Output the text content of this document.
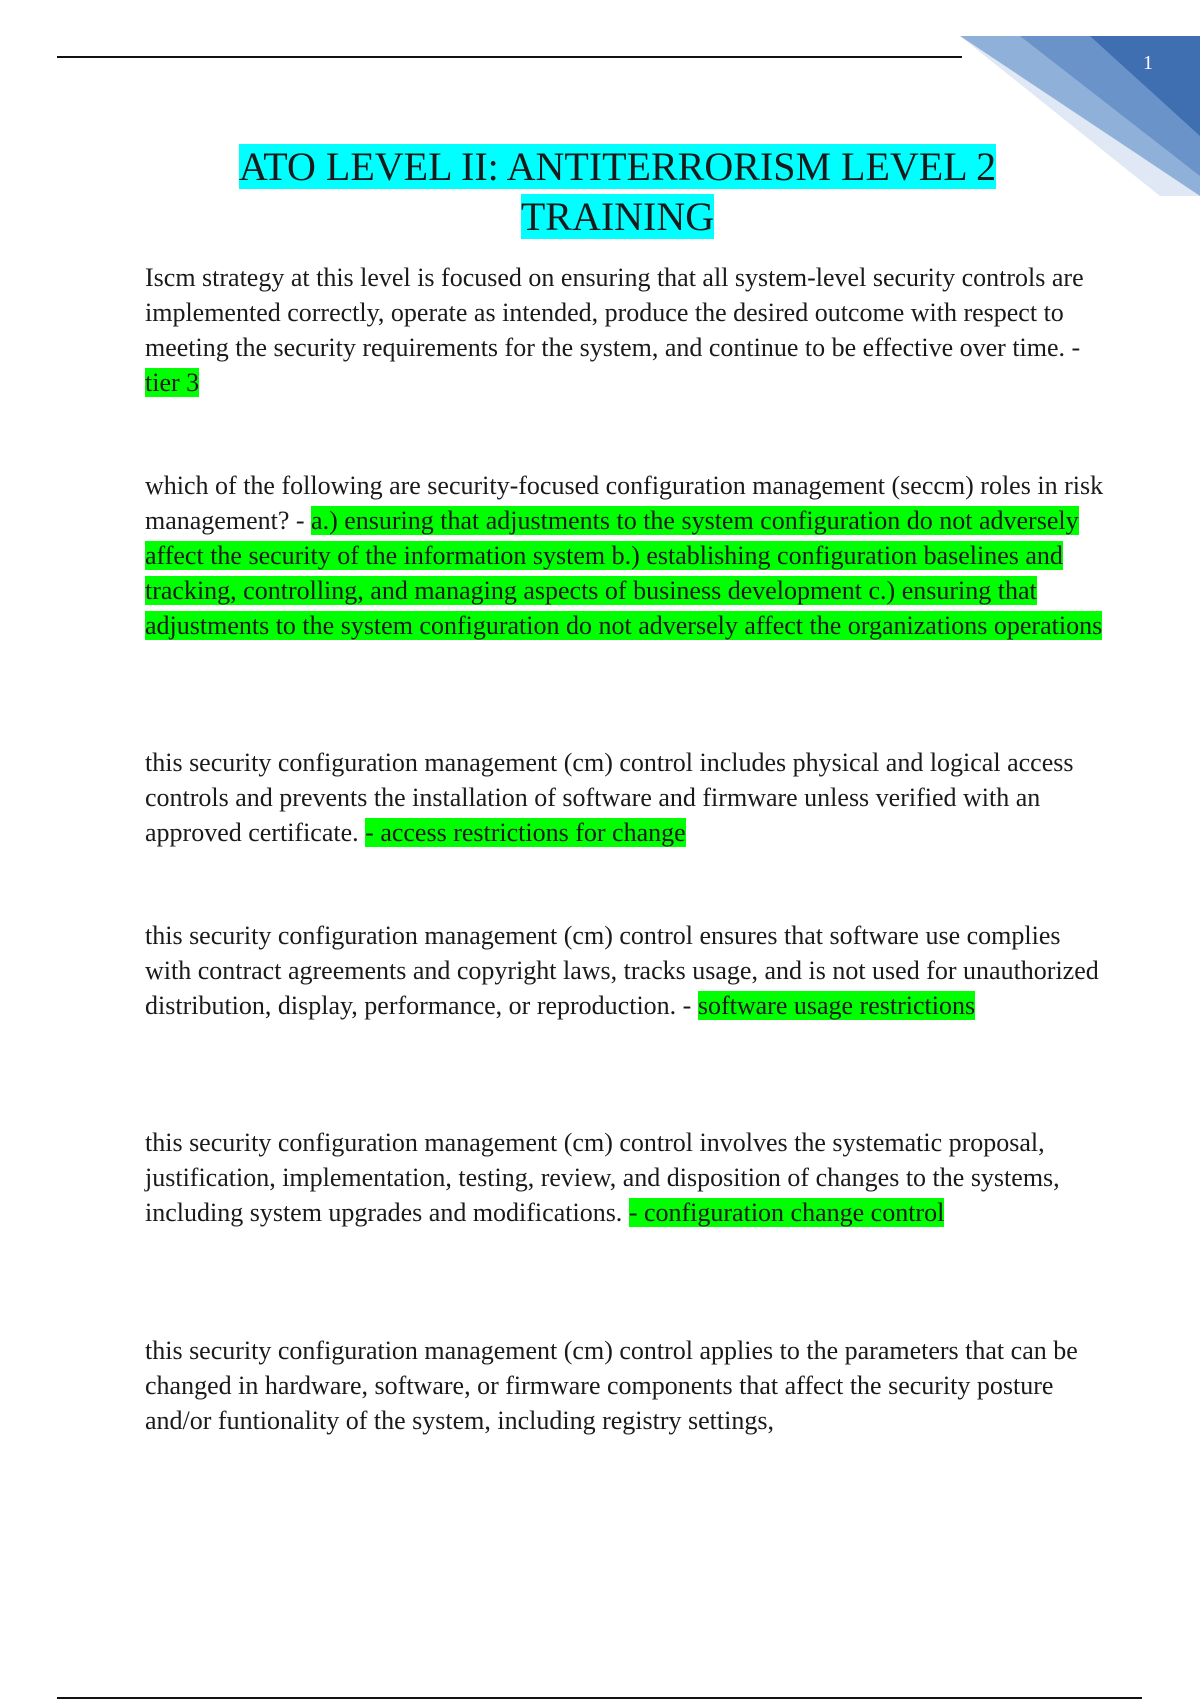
1
ATO LEVEL II: ANTITERRORISM LEVEL 2
TRAINING

Iscm strategy at this level is focused on ensuring that all system-level security controls are implemented correctly, operate as intended, produce the desired outcome with respect to meeting the security requirements for the system, and continue to be effective over time. - tier 3

which of the following are security-focused configuration management (seccm) roles in risk management? - a.) ensuring that adjustments to the system configuration do not adversely affect the security of the information system b.) establishing configuration baselines and tracking, controlling, and managing aspects of business development c.) ensuring that adjustments to the system configuration do not adversely affect the organizations operations

this security configuration management (cm) control includes physical and logical access controls and prevents the installation of software and firmware unless verified with an approved certificate. - access restrictions for change

this security configuration management (cm) control ensures that software use complies with contract agreements and copyright laws, tracks usage, and is not used for unauthorized distribution, display, performance, or reproduction. - software usage restrictions

this security configuration management (cm) control involves the systematic proposal, justification, implementation, testing, review, and disposition of changes to the systems, including system upgrades and modifications. - configuration change control

this security configuration management (cm) control applies to the parameters that can be changed in hardware, software, or firmware components that affect the security posture and/or funtionality of the system, including registry settings,
